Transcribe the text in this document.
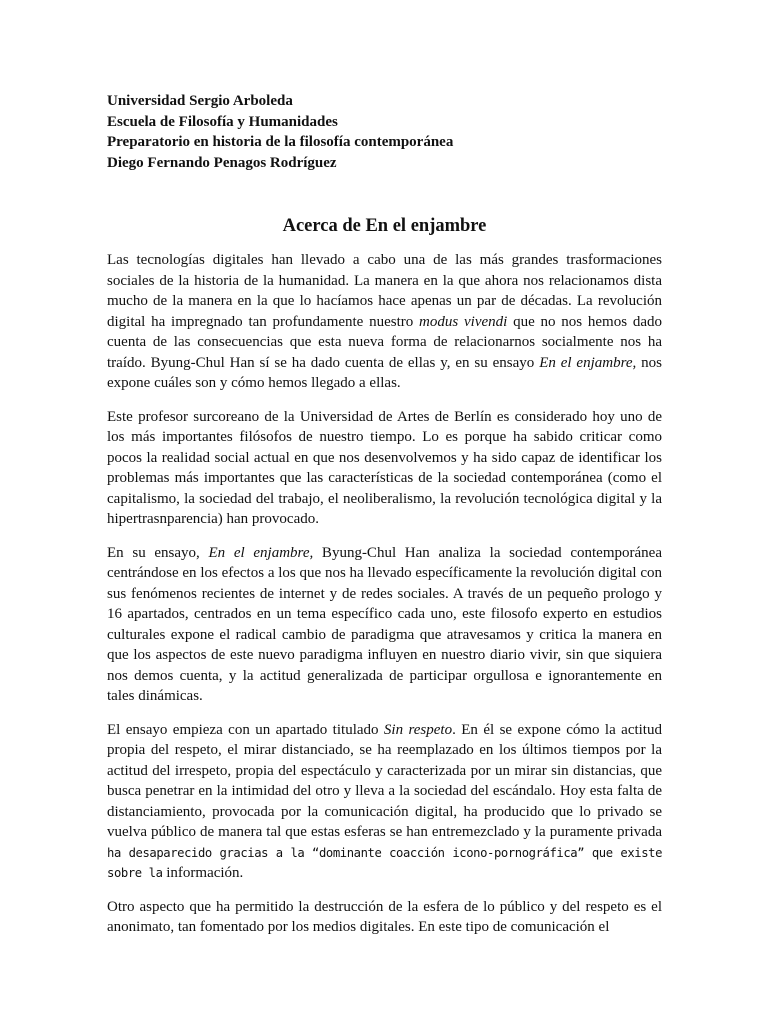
Universidad Sergio Arboleda

Escuela de Filosofía y Humanidades

Preparatorio en historia de la filosofía contemporánea

Diego Fernando Penagos Rodríguez

Acerca de En el enjambre

Las tecnologías digitales han llevado a cabo una de las más grandes trasformaciones sociales de la historia de la humanidad. La manera en la que ahora nos relacionamos dista mucho de la manera en la que lo hacíamos hace apenas un par de décadas. La revolución digital ha impregnado tan profundamente nuestro modus vivendi que no nos hemos dado cuenta de las consecuencias que esta nueva forma de relacionarnos socialmente nos ha traído. Byung-Chul Han sí se ha dado cuenta de ellas y, en su ensayo En el enjambre, nos expone cuáles son y cómo hemos llegado a ellas.

Este profesor surcoreano de la Universidad de Artes de Berlín es considerado hoy uno de los más importantes filósofos de nuestro tiempo. Lo es porque ha sabido criticar como pocos la realidad social actual en que nos desenvolvemos y ha sido capaz de identificar los problemas más importantes que las características de la sociedad contemporánea (como el capitalismo, la sociedad del trabajo, el neoliberalismo, la revolución tecnológica digital y la hipertrasnparencia) han provocado.

En su ensayo, En el enjambre, Byung-Chul Han analiza la sociedad contemporánea centrándose en los efectos a los que nos ha llevado específicamente la revolución digital con sus fenómenos recientes de internet y de redes sociales. A través de un pequeño prologo y 16 apartados, centrados en un tema específico cada uno, este filosofo experto en estudios culturales expone el radical cambio de paradigma que atravesamos y critica la manera en que los aspectos de este nuevo paradigma influyen en nuestro diario vivir, sin que siquiera nos demos cuenta, y la actitud generalizada de participar orgullosa e ignorantemente en tales dinámicas.

El ensayo empieza con un apartado titulado Sin respeto. En él se expone cómo la actitud propia del respeto, el mirar distanciado, se ha reemplazado en los últimos tiempos por la actitud del irrespeto, propia del espectáculo y caracterizada por un mirar sin distancias, que busca penetrar en la intimidad del otro y lleva a la sociedad del escándalo. Hoy esta falta de distanciamiento, provocada por la comunicación digital, ha producido que lo privado se vuelva público de manera tal que estas esferas se han entremezclado y la puramente privada ha desaparecido gracias a la “dominante coacción icono-pornográfica” que existe sobre la información.

Otro aspecto que ha permitido la destrucción de la esfera de lo público y del respeto es el anonimato, tan fomentado por los medios digitales. En este tipo de comunicación el
